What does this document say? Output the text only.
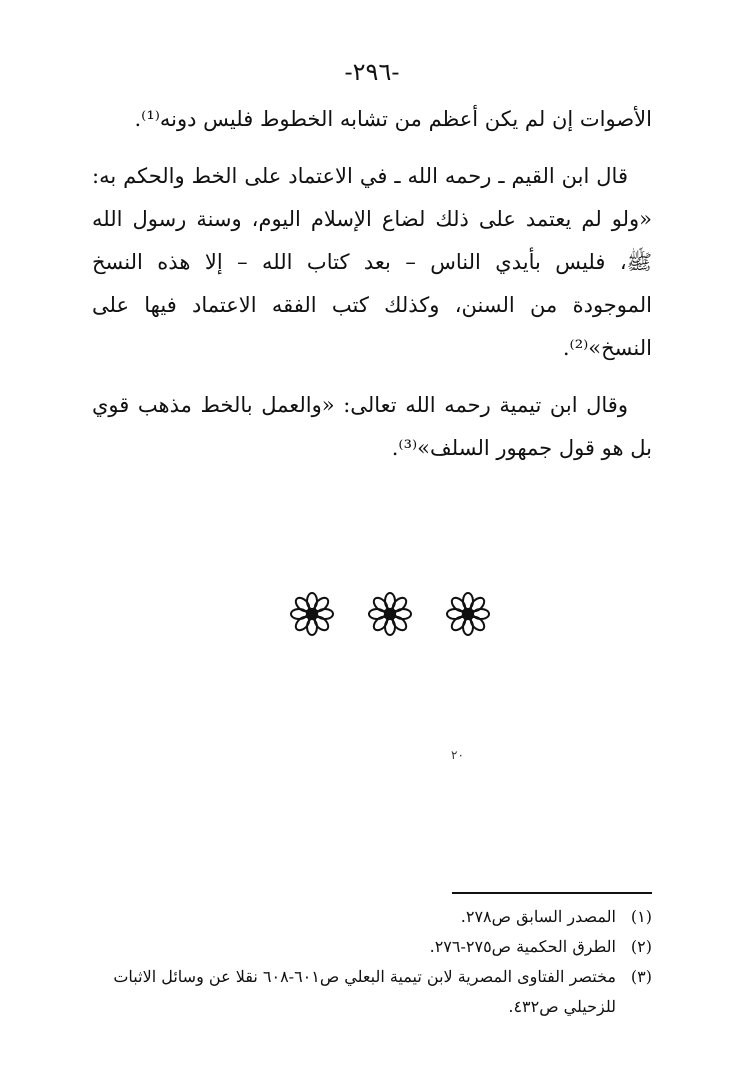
-٢٩٦-

الأصوات إن لم يكن أعظم من تشابه الخطوط فليس دونه⁽¹⁾.

قال ابن القيم ـ رحمه الله ـ في الاعتماد على الخط والحكم به: «ولو لم يعتمد على ذلك لضاع الإسلام اليوم، وسنة رسول الله ﷺ، فليس بأيدي الناس – بعد كتاب الله – إلا هذه النسخ الموجودة من السنن، وكذلك كتب الفقه الاعتماد فيها على النسخ»⁽²⁾.

وقال ابن تيمية رحمه الله تعالى: «والعمل بالخط مذهب قوي بل هو قول جمهور السلف»⁽³⁾.

٢٠
(١)
المصدر السابق ص٢٧٨.
(٢)
الطرق الحكمية ص٢٧٥-٢٧٦.
(٣)
مختصر الفتاوى المصرية لابن تيمية البعلي ص٦٠١-٦٠٨ نقلا عن وسائل الاثبات للزحيلي ص٤٣٢.
